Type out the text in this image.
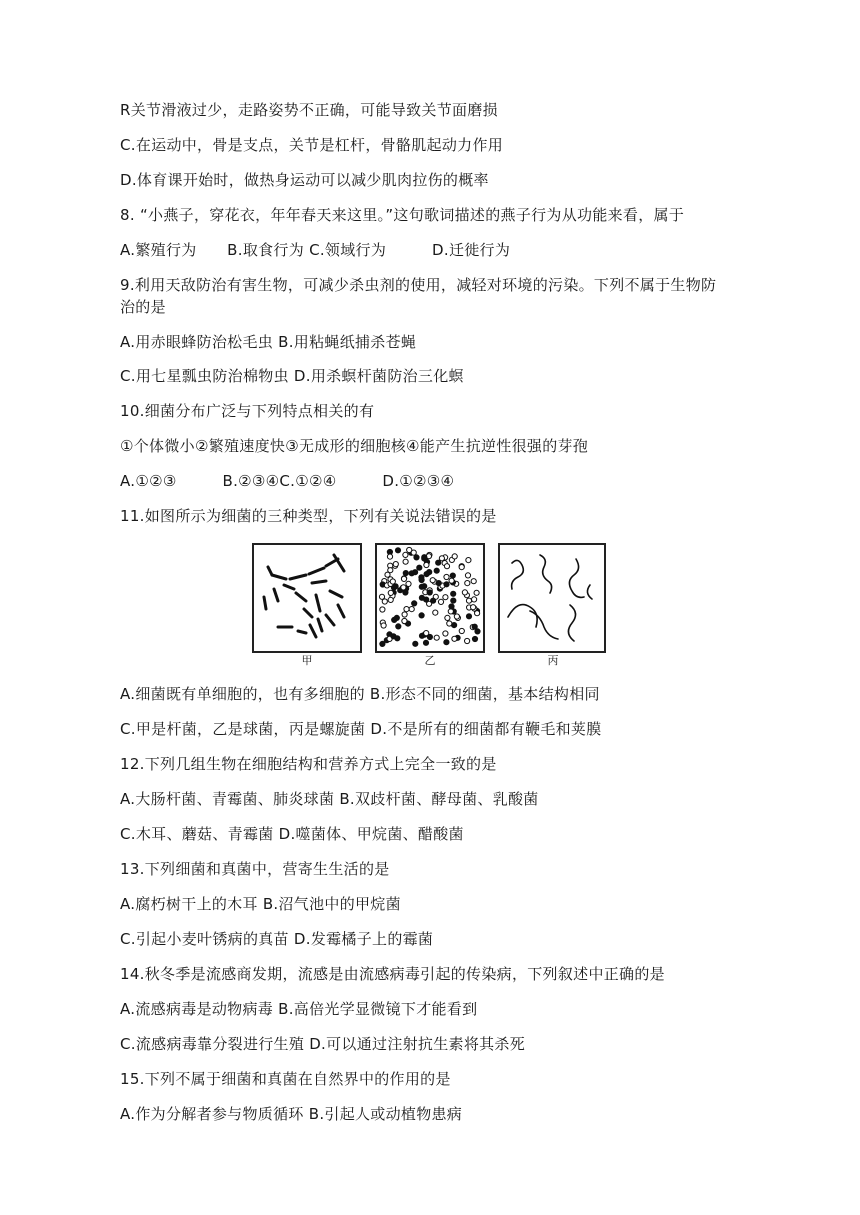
R关节滑液过少，走路姿势不正确，可能导致关节面磨损
C.在运动中，骨是支点，关节是杠杆，骨骼肌起动力作用
D.体育课开始时，做热身运动可以减少肌肉拉伤的概率
8. “小燕子，穿花衣，年年春天来这里。”这句歌词描述的燕子行为从功能来看，属于
A.繁殖行为　　B.取食行为 C.领域行为　　　D.迁徙行为
9.利用天敌防治有害生物，可减少杀虫剂的使用，减轻对环境的污染。下列不属于生物防
治的是
A.用赤眼蜂防治松毛虫 B.用粘蝇纸捕杀苍蝇
C.用七星瓢虫防治棉物虫 D.用杀螟杆菌防治三化螟
10.细菌分布广泛与下列特点相关的有
①个体微小②繁殖速度快③无成形的细胞核④能产生抗逆性很强的芽孢
A.①②③　　　B.②③④C.①②④　　　D.①②③④
11.如图所示为细菌的三种类型，下列有关说法错误的是
甲	乙	丙
A.细菌既有单细胞的，也有多细胞的 B.形态不同的细菌，基本结构相同
C.甲是杆菌，乙是球菌，丙是螺旋菌 D.不是所有的细菌都有鞭毛和荚膜
12.下列几组生物在细胞结构和营养方式上完全一致的是
A.大肠杆菌、青霉菌、肺炎球菌 B.双歧杆菌、酵母菌、乳酸菌
C.木耳、蘑菇、青霉菌 D.噬菌体、甲烷菌、醋酸菌
13.下列细菌和真菌中，营寄生生活的是
A.腐朽树干上的木耳 B.沼气池中的甲烷菌
C.引起小麦叶锈病的真苗 D.发霉橘子上的霉菌
14.秋冬季是流感商发期，流感是由流感病毒引起的传染病，下列叙述中正确的是
A.流感病毒是动物病毒 B.高倍光学显微镜下才能看到
C.流感病毒靠分裂进行生殖 D.可以通过注射抗生素将其杀死
15.下列不属于细菌和真菌在自然界中的作用的是
A.作为分解者参与物质循环 B.引起人或动植物患病
